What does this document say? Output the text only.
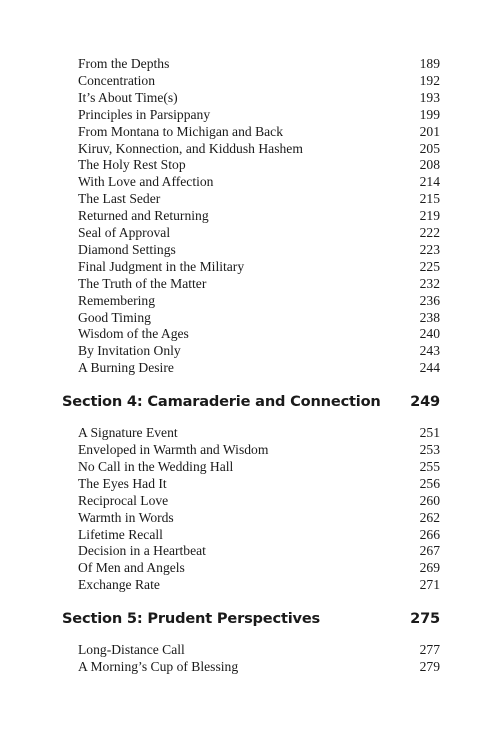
From the Depths	189
Concentration	192
It’s About Time(s)	193
Principles in Parsippany	199
From Montana to Michigan and Back	201
Kiruv, Konnection, and Kiddush Hashem	205
The Holy Rest Stop	208
With Love and Affection	214
The Last Seder	215
Returned and Returning	219
Seal of Approval	222
Diamond Settings	223
Final Judgment in the Military	225
The Truth of the Matter	232
Remembering	236
Good Timing	238
Wisdom of the Ages	240
By Invitation Only	243
A Burning Desire	244
Section 4: Camaraderie and Connection 249
A Signature Event	251
Enveloped in Warmth and Wisdom	253
No Call in the Wedding Hall	255
The Eyes Had It	256
Reciprocal Love	260
Warmth in Words	262
Lifetime Recall	266
Decision in a Heartbeat	267
Of Men and Angels	269
Exchange Rate	271
Section 5: Prudent Perspectives	275
Long-Distance Call	277
A Morning’s Cup of Blessing	279
